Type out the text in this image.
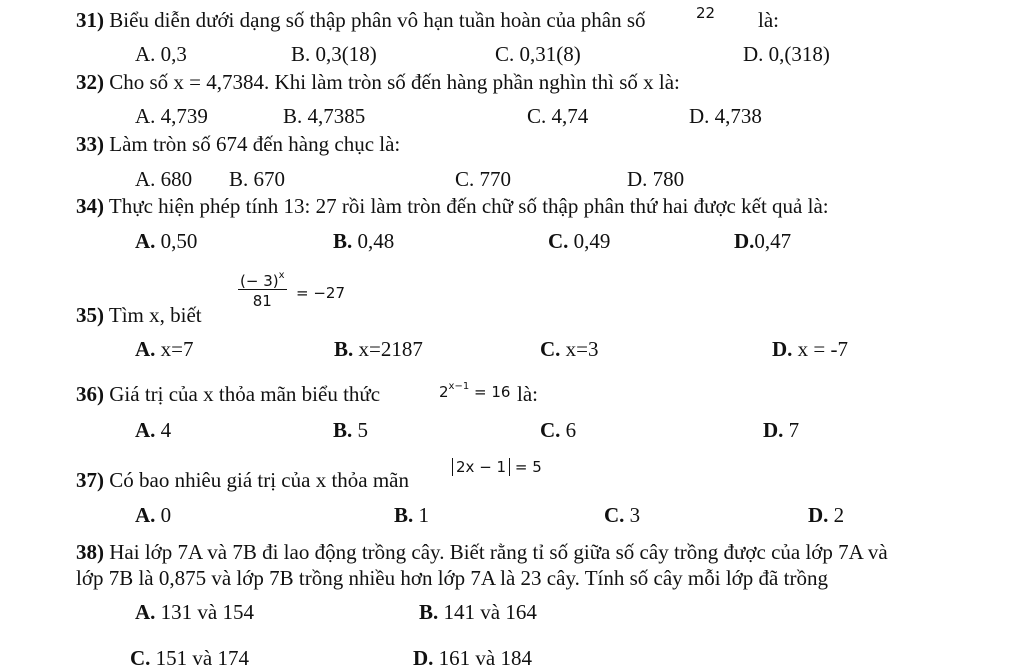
31) Biểu diễn dưới dạng số thập phân vô hạn tuần hoàn của phân số	22 là:
A. 0,3	B. 0,3(18)	C. 0,31(8)	D. 0,(318)
32) Cho số x = 4,7384. Khi làm tròn số đến hàng phần nghìn thì số x là:
A. 4,739	B. 4,7385	C. 4,74	D. 4,738
33) Làm tròn số 674 đến hàng chục là:
A. 680 B. 670	C. 770	D. 780
34) Thực hiện phép tính 13: 27 rồi làm tròn đến chữ số thập phân thứ hai được kết quả là:
A. 0,50	B. 0,48	C. 0,49	D.0,47
35) Tìm x, biết
$\frac{(- 3)^x}{81} = -27$
A. x=7	B. x=2187	C. x=3	D. x = -7
36) Giá trị của x thỏa mãn biểu thức	$2^{x-1} = 16$ là:
A. 4	B. 5	C. 6	D. 7
37) Có bao nhiêu giá trị của x thỏa mãn
2x − 1 = 5
A. 0	B. 1	C. 3	D. 2
38) Hai lớp 7A và 7B đi lao động trồng cây. Biết rằng tỉ số giữa số cây trồng được của lớp 7A và
lớp 7B là 0,875 và lớp 7B trồng nhiều hơn lớp 7A là 23 cây. Tính số cây mỗi lớp đã trồng
A. 131 và 154	B. 141 và 164
C. 151 và 174	D. 161 và 184
